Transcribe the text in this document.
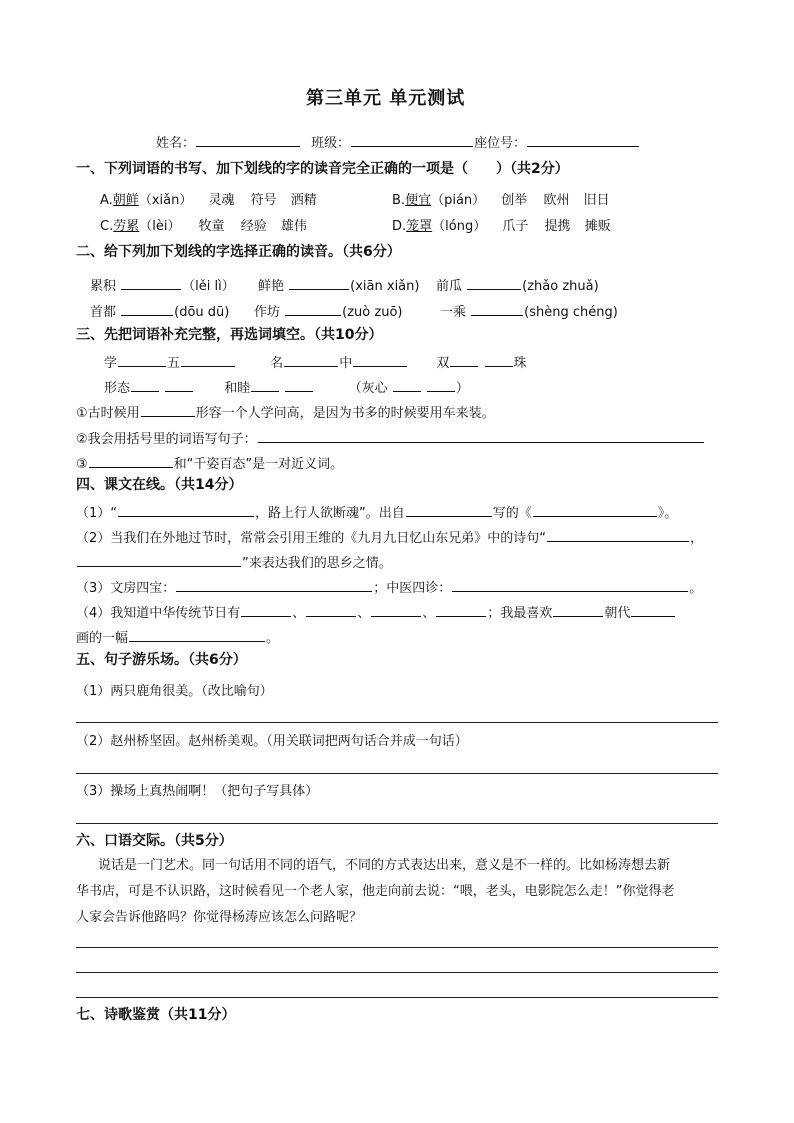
第三单元 单元测试
姓名：	班级：	座位号：
一、下列词语的书写、加下划线的字的读音完全正确的一项是（　　）（共2分）
A.朝鲜（xiǎn） 灵魂 符号 洒精	B.便宜（pián） 创举 欧州 旧日
C.劳累（lèi） 牧童 经验 雄伟	D.笼罩（lóng） 爪子 提携 摊贩
二、给下列加下划线的字选择正确的读音。（共6分）
累积	（lěi lì） 鲜艳	(xiān xiǎn) 前瓜	(zhǎo zhuǎ)
首都	(dōu dū) 作坊	(zuò zuō)	一乘	(shèng chéng)
三、先把词语补充完整，再选词填空。（共10分）
学	五	名	中	双	珠
形态	和睦	（灰心	）
①古时候用	形容一个人学问高，是因为书多的时候要用车来装。
②我会用括号里的词语写句子：
③	和“千姿百态”是一对近义词。
四、课文在线。（共14分）
（1）“	，路上行人欲断魂”。出自	写的《	》。
（2）当我们在外地过节时，常常会引用王维的《九月九日忆山东兄弟》中的诗句“	，
”来表达我们的思乡之情。
（3）文房四宝：	；中医四诊：	。
（4）我知道中华传统节日有	、	、	、	；我最喜欢	朝代
画的一幅	。
五、句子游乐场。（共6分）
（1）两只鹿角很美。（改比喻句）
（2）赵州桥坚固。赵州桥美观。（用关联词把两句话合并成一句话）
（3）操场上真热闹啊！（把句子写具体）
六、口语交际。（共5分）
说话是一门艺术。同一句话用不同的语气，不同的方式表达出来，意义是不一样的。比如杨涛想去新
华书店，可是不认识路，这时候看见一个老人家，他走向前去说：“喂，老头，电影院怎么走！”你觉得老
人家会告诉他路吗？你觉得杨涛应该怎么问路呢？
七、诗歌鉴赏（共11分）
